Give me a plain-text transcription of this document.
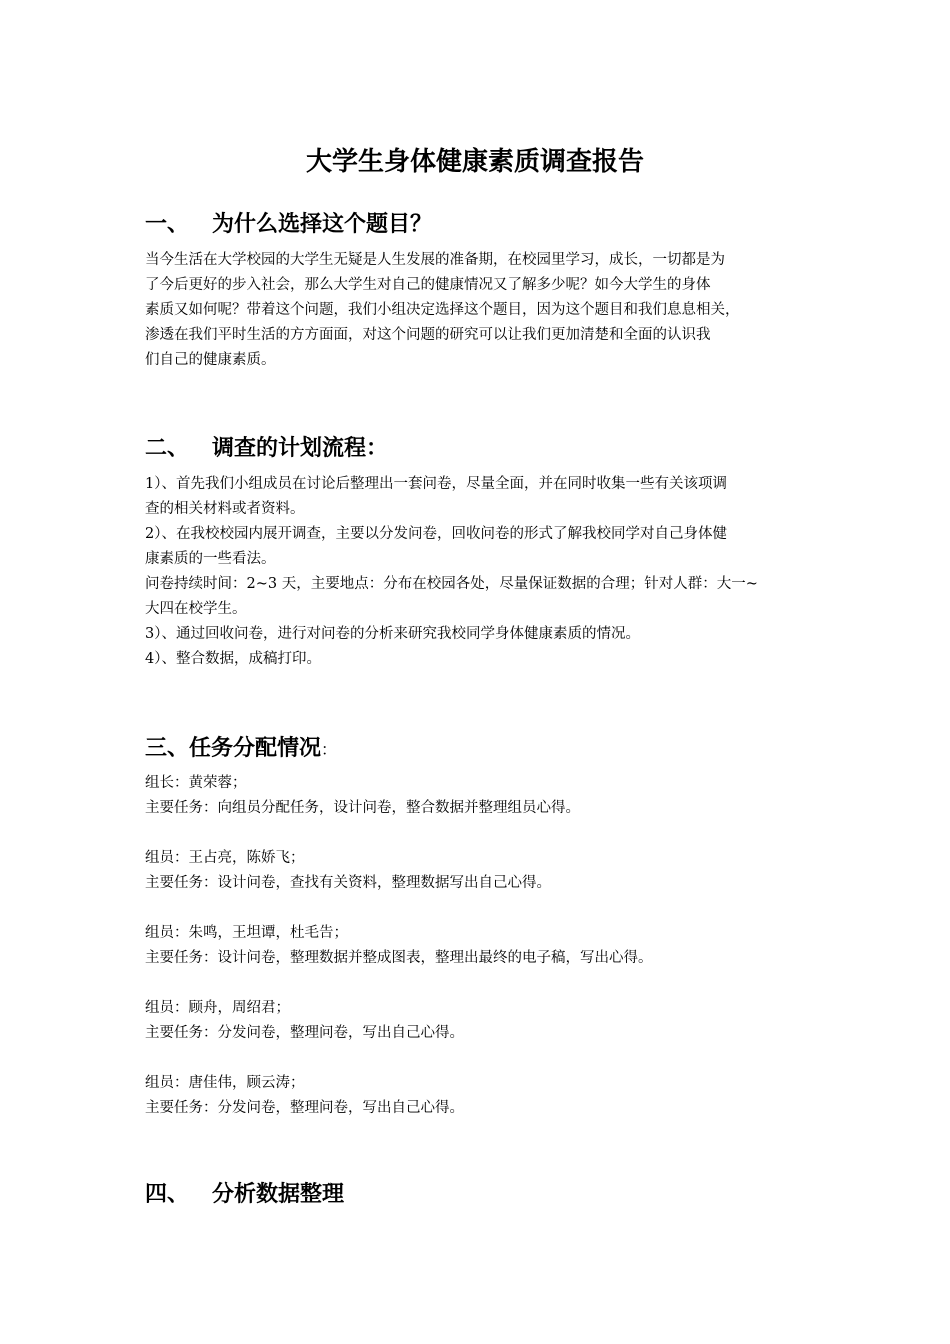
大学生身体健康素质调查报告
一、 为什么选择这个题目？
当今生活在大学校园的大学生无疑是人生发展的准备期，在校园里学习，成长，一切都是为
了今后更好的步入社会，那么大学生对自己的健康情况又了解多少呢？如今大学生的身体
素质又如何呢？带着这个问题，我们小组决定选择这个题目，因为这个题目和我们息息相关，
渗透在我们平时生活的方方面面，对这个问题的研究可以让我们更加清楚和全面的认识我
们自己的健康素质。
二、 调查的计划流程：
1）、首先我们小组成员在讨论后整理出一套问卷，尽量全面，并在同时收集一些有关该项调
查的相关材料或者资料。
2）、在我校校园内展开调查，主要以分发问卷，回收问卷的形式了解我校同学对自己身体健
康素质的一些看法。
问卷持续时间：2~3 天，主要地点：分布在校园各处，尽量保证数据的合理；针对人群：大一~
大四在校学生。
3）、通过回收问卷，进行对问卷的分析来研究我校同学身体健康素质的情况。
4）、整合数据，成稿打印。
三、任务分配情况：
组长：黄荣蓉；
主要任务：向组员分配任务，设计问卷，整合数据并整理组员心得。
组员：王占亮，陈娇飞；
主要任务：设计问卷，查找有关资料，整理数据写出自己心得。
组员：朱鸣，王坦谭，杜毛告；
主要任务：设计问卷，整理数据并整成图表，整理出最终的电子稿，写出心得。
组员：顾舟，周绍君；
主要任务：分发问卷，整理问卷，写出自己心得。
组员：唐佳伟，顾云涛；
主要任务：分发问卷，整理问卷，写出自己心得。
四、 分析数据整理
